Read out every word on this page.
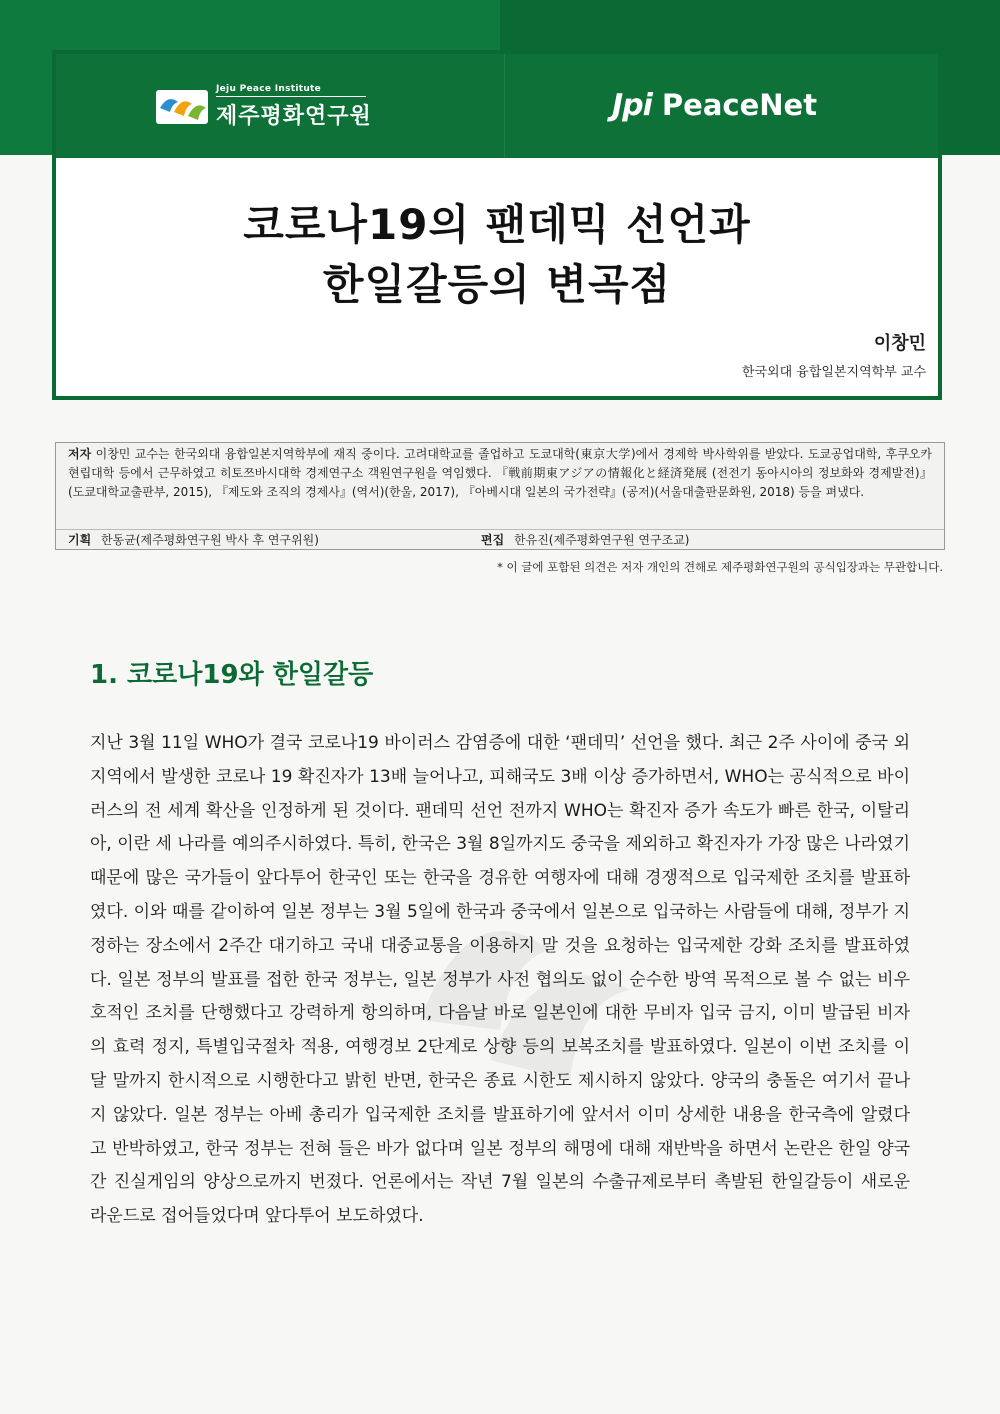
Jeju Peace Institute
제주평화연구원	Jpi PeaceNet
코로나19의 팬데믹 선언과
한일갈등의 변곡점
이창민
한국외대 융합일본지역학부 교수
저자 이창민 교수는 한국외대 융합일본지역학부에 재직 중이다. 고려대학교를 졸업하고 도쿄대학(東京大学)에서 경제학 박사학위를 받았다. 도쿄공업대학, 후쿠오카현립대학 등에서 근무하였고 히토쯔바시대학 경제연구소 객원연구원을 역임했다. 『戦前期東アジアの情報化と経済発展 (전전기 동아시아의 정보화와 경제발전)』(도쿄대학교출판부, 2015), 『제도와 조직의 경제사』(역서)(한울, 2017), 『아베시대 일본의 국가전략』(공저)(서울대출판문화원, 2018) 등을 펴냈다.
기획 한동균(제주평화연구원 박사 후 연구위원)	편집 한유진(제주평화연구원 연구조교)
* 이 글에 포함된 의견은 저자 개인의 견해로 제주평화연구원의 공식입장과는 무관합니다.
1. 코로나19와 한일갈등

지난 3월 11일 WHO가 결국 코로나19 바이러스 감염증에 대한 ‘팬데믹’ 선언을 했다. 최근 2주 사이에 중국 외 지역에서 발생한 코로나 19 확진자가 13배 늘어나고, 피해국도 3배 이상 증가하면서, WHO는 공식적으로 바이러스의 전 세계 확산을 인정하게 된 것이다. 팬데믹 선언 전까지 WHO는 확진자 증가 속도가 빠른 한국, 이탈리아, 이란 세 나라를 예의주시하였다. 특히, 한국은 3월 8일까지도 중국을 제외하고 확진자가 가장 많은 나라였기 때문에 많은 국가들이 앞다투어 한국인 또는 한국을 경유한 여행자에 대해 경쟁적으로 입국제한 조치를 발표하였다. 이와 때를 같이하여 일본 정부는 3월 5일에 한국과 중국에서 일본으로 입국하는 사람들에 대해, 정부가 지정하는 장소에서 2주간 대기하고 국내 대중교통을 이용하지 말 것을 요청하는 입국제한 강화 조치를 발표하였다. 일본 정부의 발표를 접한 한국 정부는, 일본 정부가 사전 협의도 없이 순수한 방역 목적으로 볼 수 없는 비우호적인 조치를 단행했다고 강력하게 항의하며, 다음날 바로 일본인에 대한 무비자 입국 금지, 이미 발급된 비자의 효력 정지, 특별입국절차 적용, 여행경보 2단계로 상향 등의 보복조치를 발표하였다. 일본이 이번 조치를 이달 말까지 한시적으로 시행한다고 밝힌 반면, 한국은 종료 시한도 제시하지 않았다. 양국의 충돌은 여기서 끝나지 않았다. 일본 정부는 아베 총리가 입국제한 조치를 발표하기에 앞서서 이미 상세한 내용을 한국측에 알렸다고 반박하였고, 한국 정부는 전혀 들은 바가 없다며 일본 정부의 해명에 대해 재반박을 하면서 논란은 한일 양국 간 진실게임의 양상으로까지 번졌다. 언론에서는 작년 7월 일본의 수출규제로부터 촉발된 한일갈등이 새로운 라운드로 접어들었다며 앞다투어 보도하였다.
